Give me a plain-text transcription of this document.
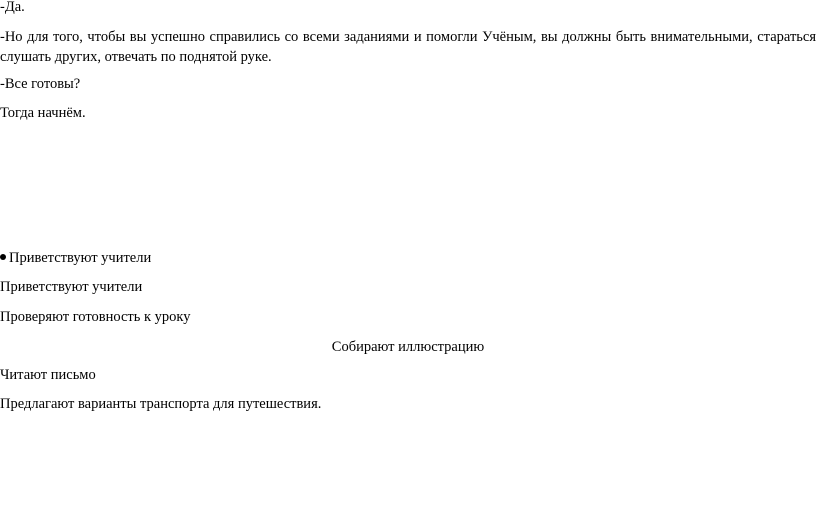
-Да.
-Но для того, чтобы вы успешно справились со всеми заданиями и помогли Учёным, вы должны быть внимательными, стараться слушать других, отвечать по поднятой руке.
-Все готовы?
Тогда начнём.
Приветствуют учители
Приветствуют учители
Проверяют готовность к уроку
Собирают иллюстрацию
Читают письмо
Предлагают варианты транспорта для путешествия.
